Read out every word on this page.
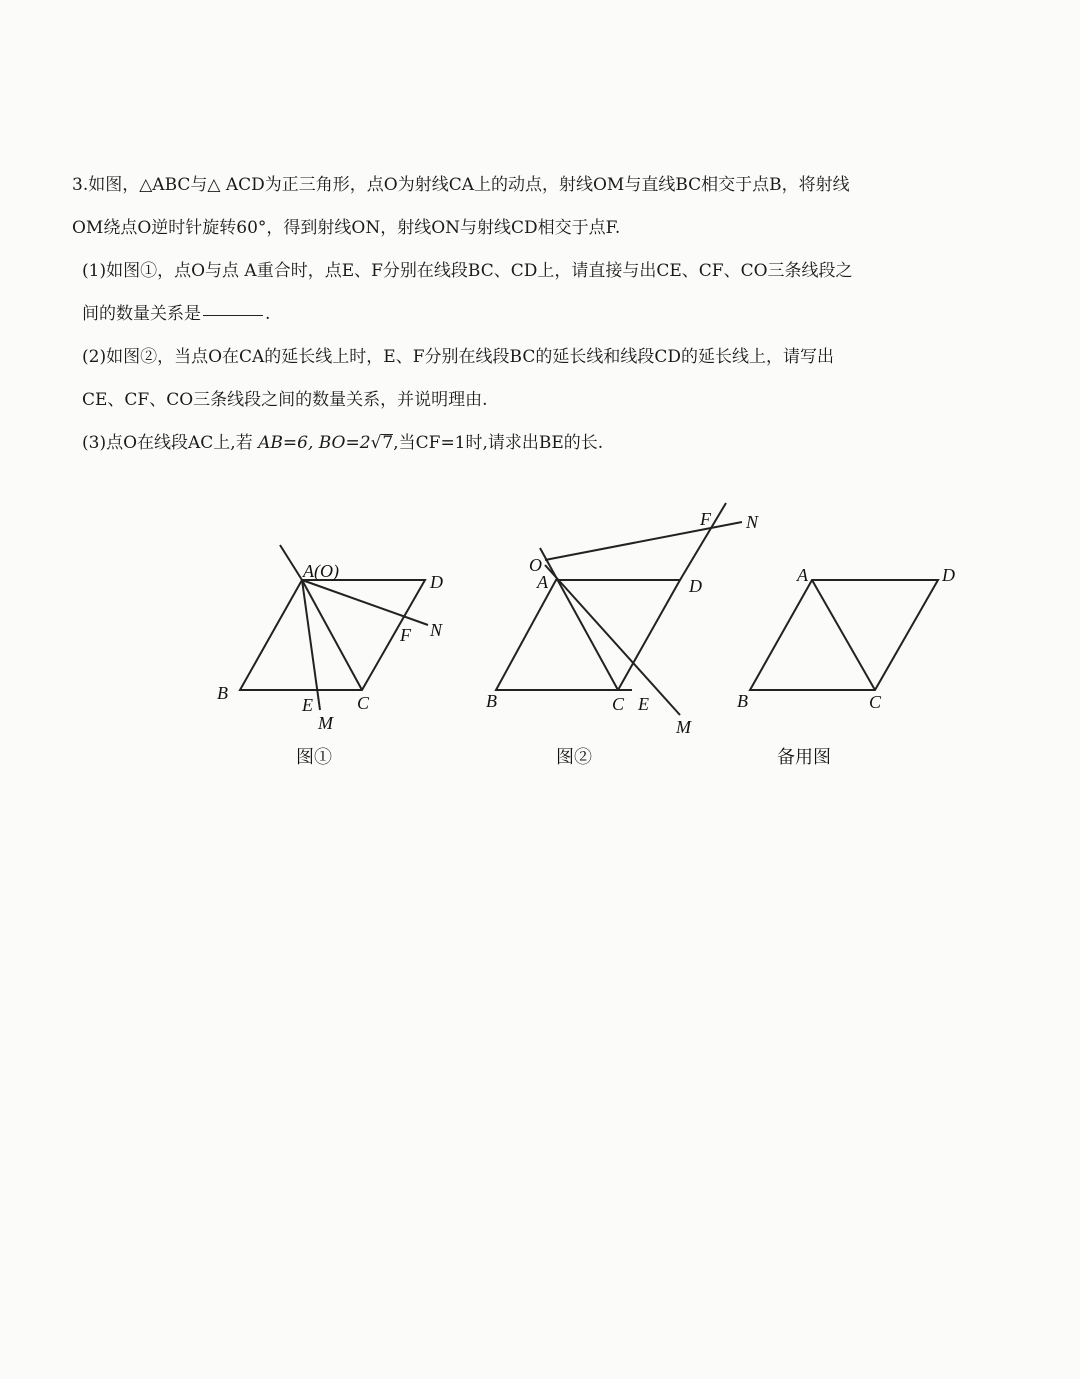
3.如图，△ABC与△ ACD为正三角形，点O为射线CA上的动点，射线OM与直线BC相交于点B，将射线
OM绕点O逆时针旋转60°，得到射线ON，射线ON与射线CD相交于点F.
(1)如图①，点O与点 A重合时，点E、F分别在线段BC、CD上，请直接与出CE、CF、CO三条线段之
间的数量关系是	.
(2)如图②，当点O在CA的延长线上时，E、F分别在线段BC的延长线和线段CD的延长线上，请写出
CE、CF、CO三条线段之间的数量关系，并说明理由.
(3)点O在线段AC上,若 AB=6, BO=2√7,当CF=1时,请求出BE的长.
A(O)
D
B	C
E
M
F N
图①
O
A	D
B	C E
M
F N
图②
A	D
B	C
备用图
